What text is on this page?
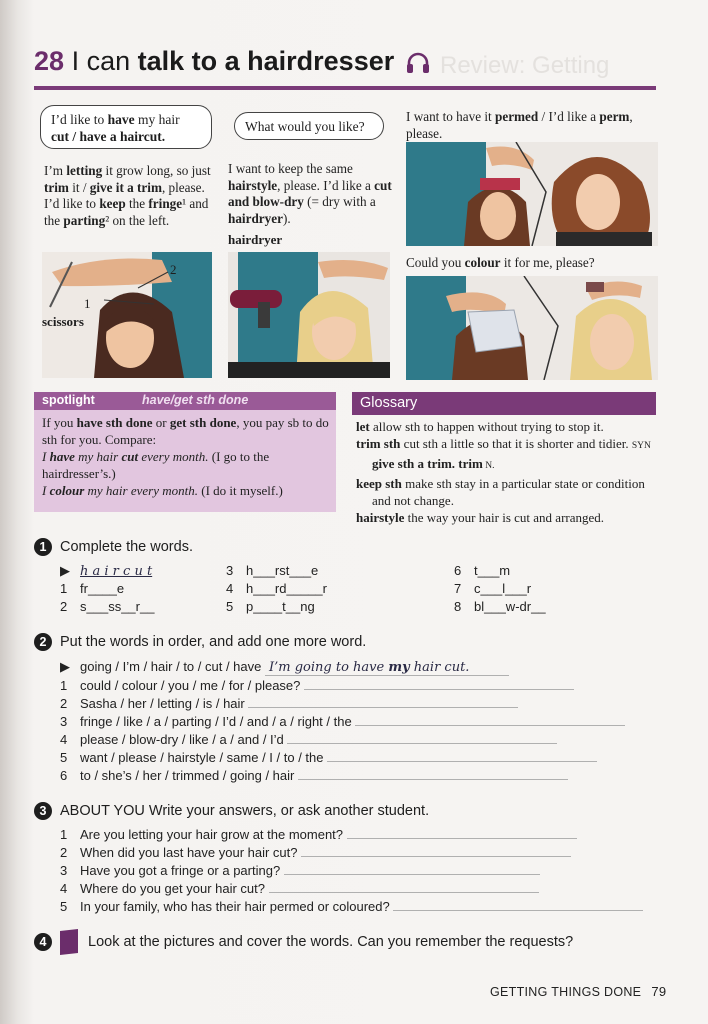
Review: Getting
28 I can talk to a hairdresser
I’d like to have my hair
cut / have a haircut.
I’m letting it grow long, so just trim it / give it a trim, please. I’d like to keep the fringe¹ and the parting² on the left.
scissors
1
2
What would you like?
I want to keep the same hairstyle, please. I’d like a cut and blow-dry (= dry with a hairdryer).
hairdryer
I want to have it permed / I’d like a perm, please.
Could you colour it for me, please?
spotlight	have/get sth done
If you have sth done or get sth done, you pay sb to do sth for you. Compare:
I have my hair cut every month. (I go to the hairdresser’s.)
I colour my hair every month. (I do it myself.)
Glossary
let allow sth to happen without trying to stop it.
trim sth cut sth a little so that it is shorter and tidier. SYN give sth a trim. trim N.
keep sth make sth stay in a particular state or condition and not change.
hairstyle the way your hair is cut and arranged.
1 Complete the words.
▶ h a i r c u t
1 fr____e
2 s___ss__r__
3 h___rst___e
4 h___rd_____r
5 p____t__ng
6 t___m
7 c___l___r
8 bl___w-dr__
2 Put the words in order, and add one more word.
▶ going / I’m / hair / to / cut / have I’m going to have my hair cut.
1 could / colour / you / me / for / please?
2 Sasha / her / letting / is / hair
3 fringe / like / a / parting / I’d / and / a / right / the
4 please / blow-dry / like / a / and / I’d
5 want / please / hairstyle / same / I / to / the
6 to / she’s / her / trimmed / going / hair
3 ABOUT YOU Write your answers, or ask another student.
1 Are you letting your hair grow at the moment?
2 When did you last have your hair cut?
3 Have you got a fringe or a parting?
4 Where do you get your hair cut?
5 In your family, who has their hair permed or coloured?
4	Look at the pictures and cover the words. Can you remember the requests?
GETTING THINGS DONE 79
